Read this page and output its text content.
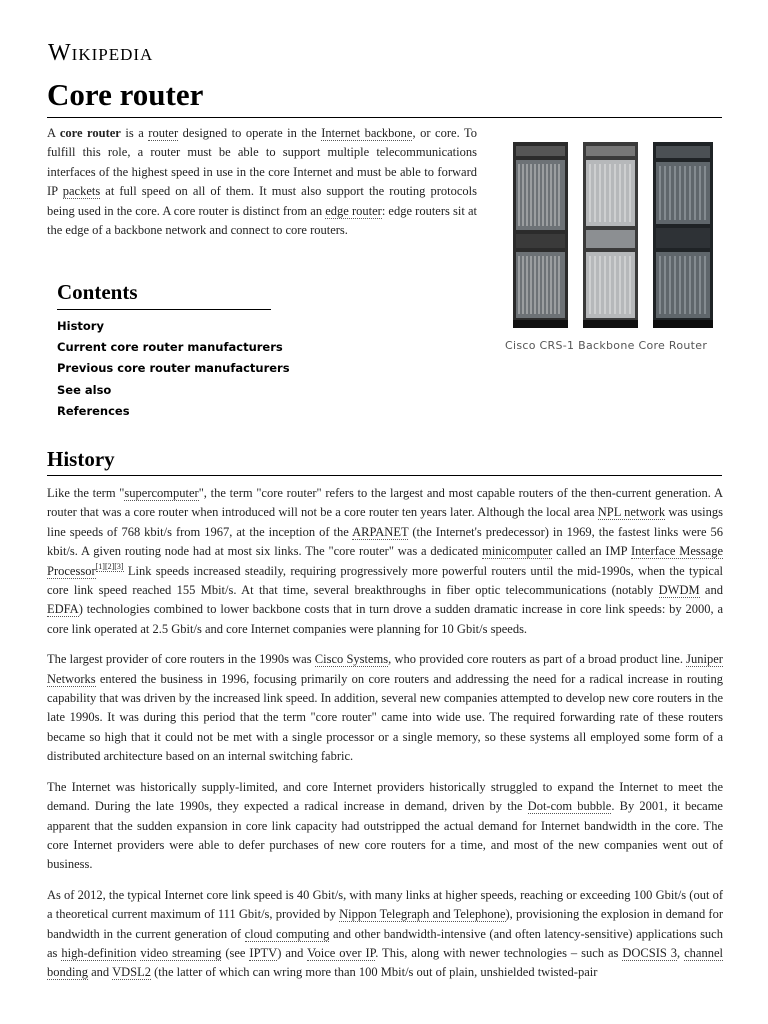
Wikipedia
Core router
A core router is a router designed to operate in the Internet backbone, or core. To fulfill this role, a router must be able to support multiple telecommunications interfaces of the highest speed in use in the core Internet and must be able to forward IP packets at full speed on all of them. It must also support the routing protocols being used in the core. A core router is distinct from an edge router: edge routers sit at the edge of a backbone network and connect to core routers.
Cisco CRS-1 Backbone Core Router
Contents
History
Current core router manufacturers
Previous core router manufacturers
See also
References
History

Like the term "supercomputer", the term "core router" refers to the largest and most capable routers of the then-current generation. A router that was a core router when introduced will not be a core router ten years later. Although the local area NPL network was usings line speeds of 768 kbit/s from 1967, at the inception of the ARPANET (the Internet's predecessor) in 1969, the fastest links were 56 kbit/s. A given routing node had at most six links. The "core router" was a dedicated minicomputer called an IMP Interface Message Processor[1][2][3] Link speeds increased steadily, requiring progressively more powerful routers until the mid-1990s, when the typical core link speed reached 155 Mbit/s. At that time, several breakthroughs in fiber optic telecommunications (notably DWDM and EDFA) technologies combined to lower backbone costs that in turn drove a sudden dramatic increase in core link speeds: by 2000, a core link operated at 2.5 Gbit/s and core Internet companies were planning for 10 Gbit/s speeds.

The largest provider of core routers in the 1990s was Cisco Systems, who provided core routers as part of a broad product line. Juniper Networks entered the business in 1996, focusing primarily on core routers and addressing the need for a radical increase in routing capability that was driven by the increased link speed. In addition, several new companies attempted to develop new core routers in the late 1990s. It was during this period that the term "core router" came into wide use. The required forwarding rate of these routers became so high that it could not be met with a single processor or a single memory, so these systems all employed some form of a distributed architecture based on an internal switching fabric.

The Internet was historically supply-limited, and core Internet providers historically struggled to expand the Internet to meet the demand. During the late 1990s, they expected a radical increase in demand, driven by the Dot-com bubble. By 2001, it became apparent that the sudden expansion in core link capacity had outstripped the actual demand for Internet bandwidth in the core. The core Internet providers were able to defer purchases of new core routers for a time, and most of the new companies went out of business.

As of 2012, the typical Internet core link speed is 40 Gbit/s, with many links at higher speeds, reaching or exceeding 100 Gbit/s (out of a theoretical current maximum of 111 Gbit/s, provided by Nippon Telegraph and Telephone), provisioning the explosion in demand for bandwidth in the current generation of cloud computing and other bandwidth-intensive (and often latency-sensitive) applications such as high-definition video streaming (see IPTV) and Voice over IP. This, along with newer technologies – such as DOCSIS 3, channel bonding and VDSL2 (the latter of which can wring more than 100 Mbit/s out of plain, unshielded twisted-pair
